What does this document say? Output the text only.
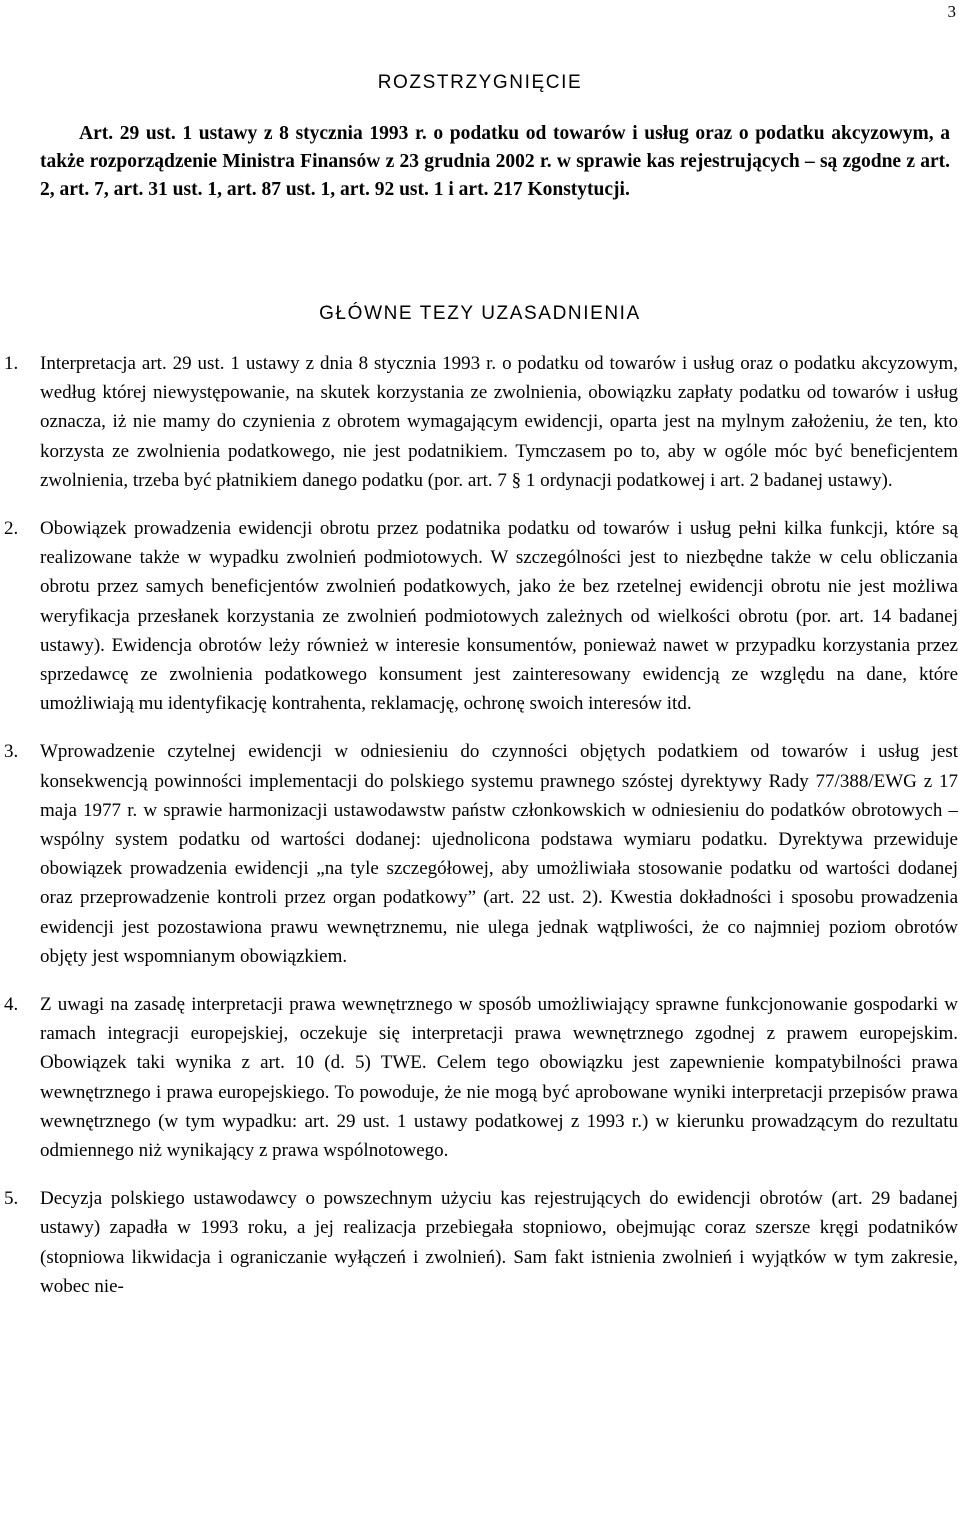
3
ROZSTRZYGNIĘCIE

Art. 29 ust. 1 ustawy z 8 stycznia 1993 r. o podatku od towarów i usług oraz o podatku akcyzowym, a także rozporządzenie Ministra Finansów z 23 grudnia 2002 r. w sprawie kas rejestrujących – są zgodne z art. 2, art. 7, art. 31 ust. 1, art. 87 ust. 1, art. 92 ust. 1 i art. 217 Konstytucji.

GŁÓWNE TEZY UZASADNIENIA
1. Interpretacja art. 29 ust. 1 ustawy z dnia 8 stycznia 1993 r. o podatku od towarów i usług oraz o podatku akcyzowym, według której niewystępowanie, na skutek korzystania ze zwolnienia, obowiązku zapłaty podatku od towarów i usług oznacza, iż nie mamy do czynienia z obrotem wymagającym ewidencji, oparta jest na mylnym założeniu, że ten, kto korzysta ze zwolnienia podatkowego, nie jest podatnikiem. Tymczasem po to, aby w ogóle móc być beneficjentem zwolnienia, trzeba być płatnikiem danego podatku (por. art. 7 § 1 ordynacji podatkowej i art. 2 badanej ustawy).

2. Obowiązek prowadzenia ewidencji obrotu przez podatnika podatku od towarów i usług pełni kilka funkcji, które są realizowane także w wypadku zwolnień podmiotowych. W szczególności jest to niezbędne także w celu obliczania obrotu przez samych beneficjentów zwolnień podatkowych, jako że bez rzetelnej ewidencji obrotu nie jest możliwa weryfikacja przesłanek korzystania ze zwolnień podmiotowych zależnych od wielkości obrotu (por. art. 14 badanej ustawy). Ewidencja obrotów leży również w interesie konsumentów, ponieważ nawet w przypadku korzystania przez sprzedawcę ze zwolnienia podatkowego konsument jest zainteresowany ewidencją ze względu na dane, które umożliwiają mu identyfikację kontrahenta, reklamację, ochronę swoich interesów itd.

3. Wprowadzenie czytelnej ewidencji w odniesieniu do czynności objętych podatkiem od towarów i usług jest konsekwencją powinności implementacji do polskiego systemu prawnego szóstej dyrektywy Rady 77/388/EWG z 17 maja 1977 r. w sprawie harmonizacji ustawodawstw państw członkowskich w odniesieniu do podatków obrotowych – wspólny system podatku od wartości dodanej: ujednolicona podstawa wymiaru podatku. Dyrektywa przewiduje obowiązek prowadzenia ewidencji „na tyle szczegółowej, aby umożliwiała stosowanie podatku od wartości dodanej oraz przeprowadzenie kontroli przez organ podatkowy” (art. 22 ust. 2). Kwestia dokładności i sposobu prowadzenia ewidencji jest pozostawiona prawu wewnętrznemu, nie ulega jednak wątpliwości, że co najmniej poziom obrotów objęty jest wspomnianym obowiązkiem.

4. Z uwagi na zasadę interpretacji prawa wewnętrznego w sposób umożliwiający sprawne funkcjonowanie gospodarki w ramach integracji europejskiej, oczekuje się interpretacji prawa wewnętrznego zgodnej z prawem europejskim. Obowiązek taki wynika z art. 10 (d. 5) TWE. Celem tego obowiązku jest zapewnienie kompatybilności prawa wewnętrznego i prawa europejskiego. To powoduje, że nie mogą być aprobowane wyniki interpretacji przepisów prawa wewnętrznego (w tym wypadku: art. 29 ust. 1 ustawy podatkowej z 1993 r.) w kierunku prowadzącym do rezultatu odmiennego niż wynikający z prawa wspólnotowego.

5. Decyzja polskiego ustawodawcy o powszechnym użyciu kas rejestrujących do ewidencji obrotów (art. 29 badanej ustawy) zapadła w 1993 roku, a jej realizacja przebiegała stopniowo, obejmując coraz szersze kręgi podatników (stopniowa likwidacja i ograniczanie wyłączeń i zwolnień). Sam fakt istnienia zwolnień i wyjątków w tym zakresie, wobec nie-
